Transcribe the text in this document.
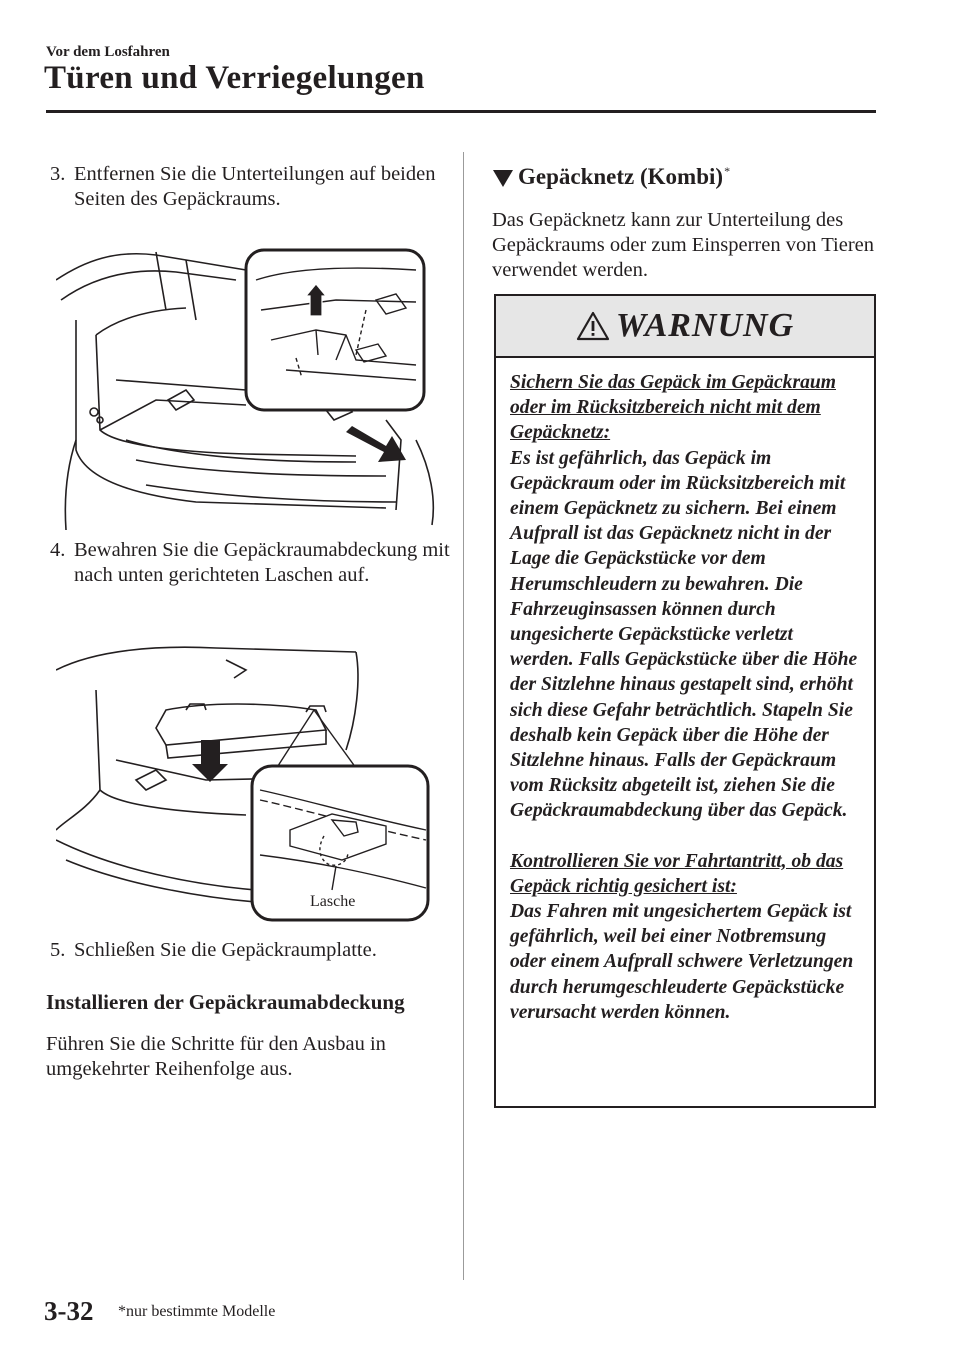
Vor dem Losfahren
Türen und Verriegelungen
3. Entfernen Sie die Unterteilungen auf beiden Seiten des Gepäckraums.
4. Bewahren Sie die Gepäckraumabdeckung mit nach unten gerichteten Laschen auf.
Lasche
5. Schließen Sie die Gepäckraumplatte.
Installieren der Gepäckraumabdeckung
Führen Sie die Schritte für den Ausbau in umgekehrter Reihenfolge aus.
Gepäcknetz (Kombi)*
Das Gepäcknetz kann zur Unterteilung des Gepäckraums oder zum Einsperren von Tieren verwendet werden.
WARNUNG
Sichern Sie das Gepäck im Gepäckraum oder im Rücksitzbereich nicht mit dem Gepäcknetz:

Es ist gefährlich, das Gepäck im Gepäckraum oder im Rücksitzbereich mit einem Gepäcknetz zu sichern. Bei einem Aufprall ist das Gepäcknetz nicht in der Lage die Gepäckstücke vor dem Herumschleudern zu bewahren. Die Fahrzeuginsassen können durch ungesicherte Gepäckstücke verletzt werden. Falls Gepäckstücke über die Höhe der Sitzlehne hinaus gestapelt sind, erhöht sich diese Gefahr beträchtlich. Stapeln Sie deshalb kein Gepäck über die Höhe der Sitzlehne hinaus. Falls der Gepäckraum vom Rücksitz abgeteilt ist, ziehen Sie die Gepäckraumabdeckung über das Gepäck.

Kontrollieren Sie vor Fahrtantritt, ob das Gepäck richtig gesichert ist:

Das Fahren mit ungesichertem Gepäck ist gefährlich, weil bei einer Notbremsung oder einem Aufprall schwere Verletzungen durch herumgeschleuderte Gepäckstücke verursacht werden können.

3-32 *nur bestimmte Modelle
